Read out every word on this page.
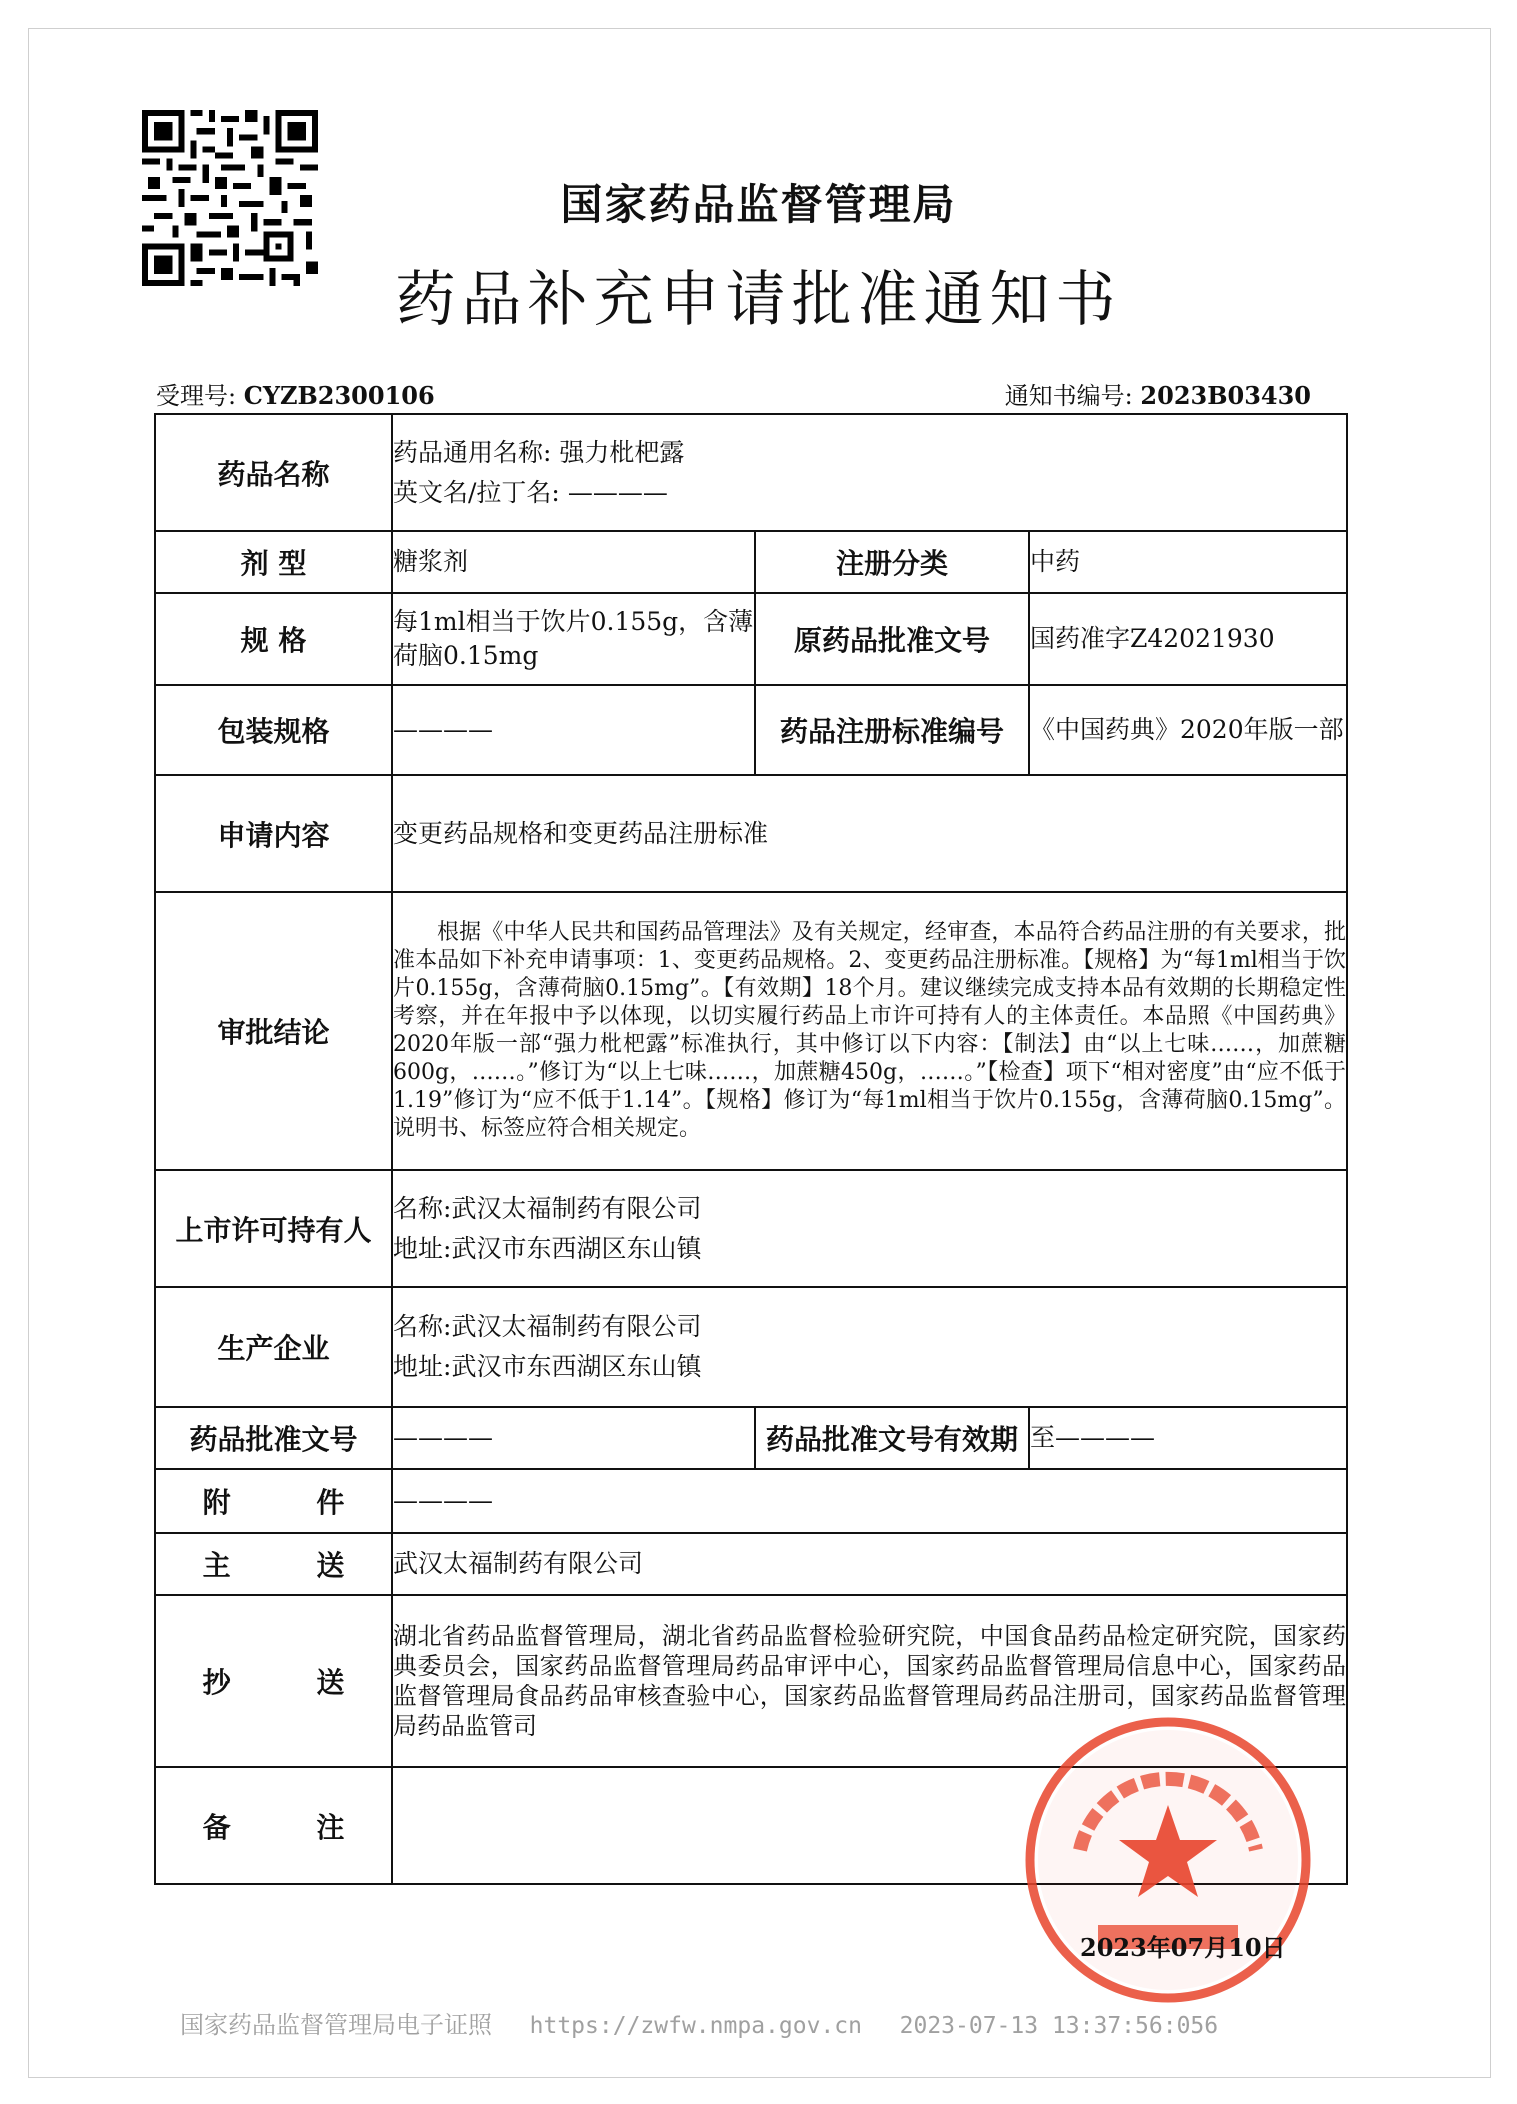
国家药品监督管理局
药品补充申请批准通知书
受理号: CYZB2300106	通知书编号: 2023B03430
药品名称	药品通用名称: 强力枇杷露
英文名/拉丁名: ————		

剂 型	糖浆剂	注册分类	中药
规 格	每1ml相当于饮片0.155g，含薄荷脑0.15mg	原药品批准文号	国药准字Z42021930
包装规格	————	药品注册标准编号	《中国药典》2020年版一部
申请内容	变更药品规格和变更药品注册标准		
审批结论	根据《中华人民共和国药品管理法》及有关规定，经审查，本品符合药品注册的有关要求，批准本品如下补充申请事项：1、变更药品规格。2、变更药品注册标准。【规格】为“每1ml相当于饮片0.155g，含薄荷脑0.15mg”。【有效期】18个月。建议继续完成支持本品有效期的长期稳定性考察，并在年报中予以体现，以切实履行药品上市许可持有人的主体责任。本品照《中国药典》2020年版一部“强力枇杷露”标准执行，其中修订以下内容：【制法】由“以上七味……，加蔗糖600g，……。”修订为“以上七味……，加蔗糖450g，……。”【检查】项下“相对密度”由“应不低于1.19”修订为“应不低于1.14”。【规格】修订为“每1ml相当于饮片0.155g，含薄荷脑0.15mg”。说明书、标签应符合相关规定。		
上市许可持有人	名称:武汉太福制药有限公司
地址:武汉市东西湖区东山镇		

生产企业	名称:武汉太福制药有限公司
地址:武汉市东西湖区东山镇		

药品批准文号	————	药品批准文号有效期	至————
附 件	————		
主 送	武汉太福制药有限公司		
抄 送	湖北省药品监督管理局，湖北省药品监督检验研究院，中国食品药品检定研究院，国家药典委员会，国家药品监督管理局药品审评中心，国家药品监督管理局信息中心，国家药品监督管理局食品药品审核查验中心，国家药品监督管理局药品注册司，国家药品监督管理局药品监管司		
备 注			
2023年07月10日
国家药品监督管理局电子证照 https://zwfw.nmpa.gov.cn 2023-07-13 13:37:56:056
